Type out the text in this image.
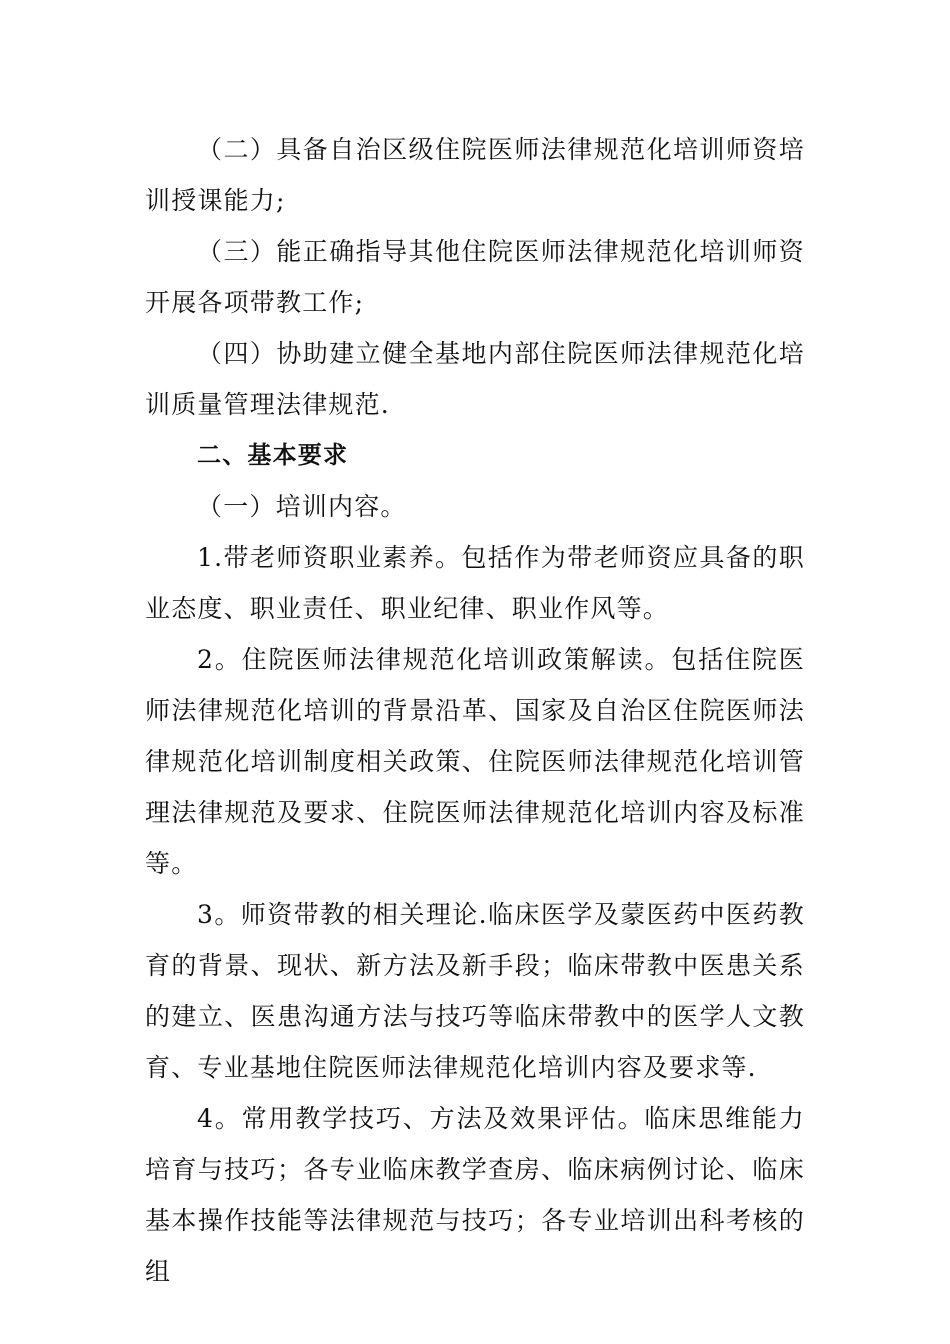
（二）具备自治区级住院医师法律规范化培训师资培训授课能力;

（三）能正确指导其他住院医师法律规范化培训师资开展各项带教工作;

（四）协助建立健全基地内部住院医师法律规范化培训质量管理法律规范.

二、基本要求

（一）培训内容。

1.带老师资职业素养。包括作为带老师资应具备的职业态度、职业责任、职业纪律、职业作风等。

2。住院医师法律规范化培训政策解读。包括住院医师法律规范化培训的背景沿革、国家及自治区住院医师法律规范化培训制度相关政策、住院医师法律规范化培训管理法律规范及要求、住院医师法律规范化培训内容及标准等。

3。师资带教的相关理论.临床医学及蒙医药中医药教育的背景、现状、新方法及新手段；临床带教中医患关系的建立、医患沟通方法与技巧等临床带教中的医学人文教育、专业基地住院医师法律规范化培训内容及要求等.

4。常用教学技巧、方法及效果评估。临床思维能力培育与技巧；各专业临床教学查房、临床病例讨论、临床基本操作技能等法律规范与技巧；各专业培训出科考核的组
